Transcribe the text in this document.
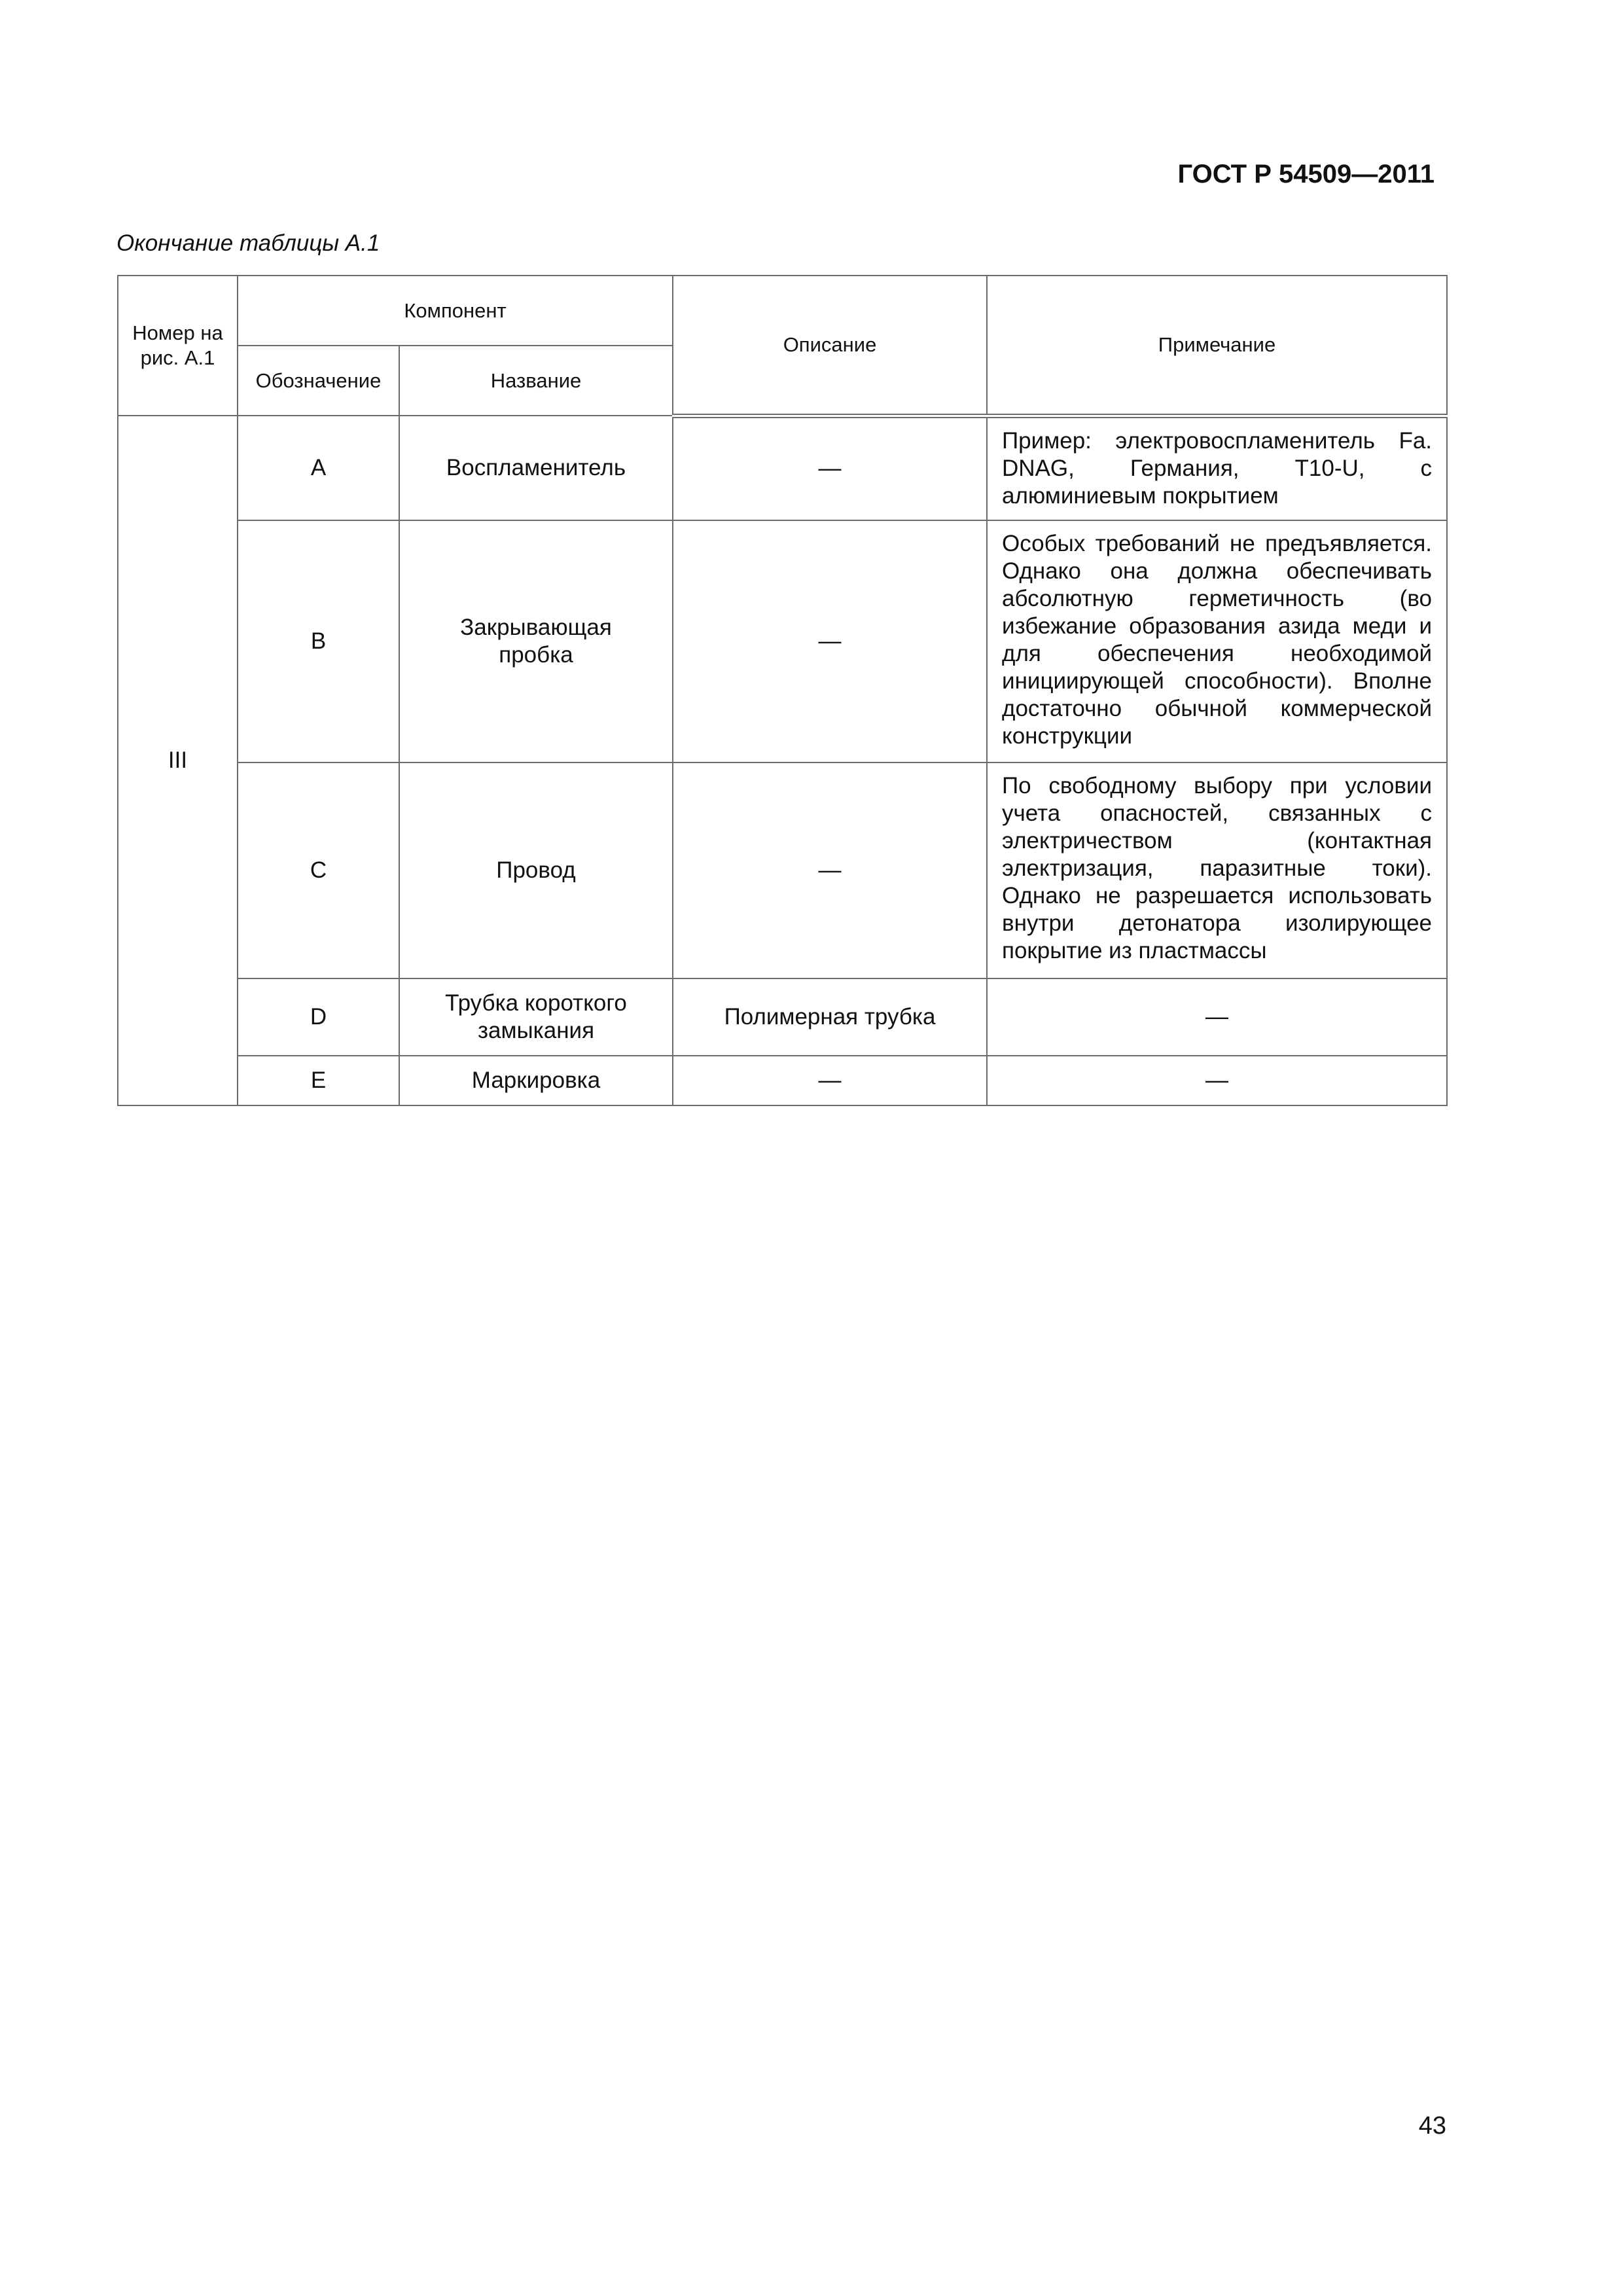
ГОСТ Р 54509—2011
Окончание таблицы А.1
Номер на рис. А.1	Компонент		Описание	Примечание
	Обозначение	Название		
III	A	Воспламенитель	—	Пример: электровоспламенитель Fa. DNAG, Германия, T10-U, с алюминиевым покрытием
	B	Закрывающая пробка	—	Особых требований не предъявляется. Однако она должна обеспечивать абсолютную герметичность (во избежание образования азида меди и для обеспечения необходимой инициирующей способности). Вполне достаточно обычной коммерческой конструкции
	C	Провод	—	По свободному выбору при условии учета опасностей, связанных с электричеством (контактная электризация, паразитные токи). Однако не разрешается использовать внутри детонатора изолирующее покрытие из пластмассы
	D	Трубка короткого замыкания	Полимерная трубка	—
	E	Маркировка	—	—
43
